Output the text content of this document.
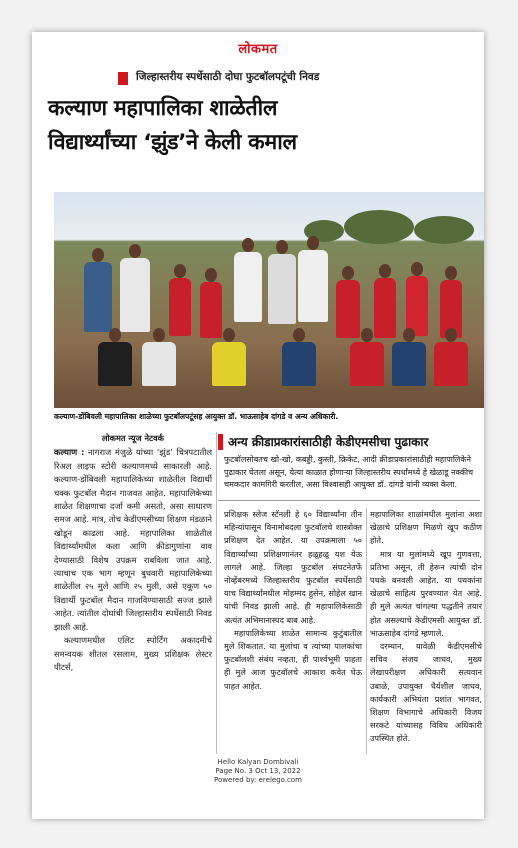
लोकमत
जिल्हास्तरीय स्पर्धेसाठी दोघा फुटबॉलपटूंची निवड
कल्याण महापालिका शाळेतील
विद्यार्थ्यांच्या ‘झुंड’ने केली कमाल
कल्याण-डोंबिवली महापालिका शाळेच्या फुटबॉलपटूंसह आयुक्त डॉ. भाऊसाहेब दांगडे व अन्य अधिकारी.
लोकमत न्यूज नेटवर्क

कल्याण : नागराज मंजुळे यांच्या ‘झुंड’ चित्रपटातील रिअल लाइफ स्टोरी कल्याणमध्ये साकारली आहे. कल्याण-डोंबिवली महापालिकेच्या शाळेतील विद्यार्थी चक्क फुटबॉल मैदान गाजवत आहेत. महापालिकेच्या शाळेत शिक्षणाचा दर्जा कमी असतो, असा साधारण समज आहे. मात्र, तोच केडीएमसीच्या शिक्षण मंडळाने खोडून काढला आहे. महापालिका शाळेतील विद्यार्थ्यांमधील कला आणि क्रीडागुणांना वाव देण्यासाठी विशेष उपक्रम राबविला जात आहे. त्याचाच एक भाग म्हणून बुधवारी महापालिकेच्या शाळेतील २५ मुले आणि २५ मुली, असे एकूण ५० विद्यार्थी फुटबॉल मैदान गाजविण्यासाठी सज्ज झाले आहेत. त्यांतील दोघांची जिल्हास्तरीय स्पर्धेसाठी निवड झाली आहे.

कल्याणमधील एलिट स्पोर्टिंग अकादमीचे समन्वयक शीतल रसलाम, मुख्य प्रशिक्षक लेस्टर पीटर्स,

अन्य क्रीडाप्रकारांसाठीही केडीएमसीचा पुढाकार
फुटबॉलसोबतच खो-खो, कबड्डी, कुस्ती, क्रिकेट, आदी क्रीडाप्रकारांसाठीही महापालिकेने पुढाकार घेतला असून, येत्या काळात होणाऱ्या जिल्हास्तरीय स्पर्धांमध्ये हे खेळाडू नक्कीच चमकदार कामगिरी करतील, असा विश्वासही आयुक्त डॉ. दांगडे यांनी व्यक्त केला.

प्रशिक्षक स्लेज स्टॅनली हे ६० विद्यार्थ्यांना तीन महिन्यांपासून विनामोबदला फुटबॉलचे शास्त्रोक्त प्रशिक्षण देत आहेत. या उपक्रमाला ५० विद्यार्थ्यांच्या प्रशिक्षणानंतर हळूहळू यश येऊ लागले आहे. जिल्हा फुटबॉल संघटनेतर्फे नोव्हेंबरमध्ये जिल्हास्तरीय फुटबॉल स्पर्धेसाठी याच विद्यार्थ्यांमधील मोहम्मद हुसेन, सोहेल खान यांची निवड झाली आहे. ही महापालिकेसाठी अत्यंत अभिमानास्पद बाब आहे.

महापालिकेच्या शाळेत सामान्य कुटुंबातील मुले शिकतात. या मुलांचा व त्यांच्या पालकांचा फुटबॉलशी संबंध नव्हता, ही पार्श्वभूमी पाहता ही मुले आज फुटबॉलचे आकाश कवेत घेऊ पाहत आहेत.

महापालिका शाळांमधील मुलांना अशा खेळाचे प्रशिक्षण मिळणे खूप कठीण होते.

मात्र या मुलांमध्ये खूप गुणवत्ता, प्रतिभा असून, ती हेरून त्यांची दोन पथके बनवली आहेत. या पथकांना खेळाचे साहित्य पुरवण्यात येत आहे. ही मुले अत्यंत चांगल्या पद्धतीने तयार होत असल्याचे केडीएमसी आयुक्त डॉ. भाऊसाहेब दांगडे म्हणाले.

दरम्यान, यावेळी केडीएमसीचे सचिव संजय जाधव, मुख्य लेखापरीक्षण अधिकारी सत्यवान उबाळे, उपायुक्त धैर्यशील जाधव, कार्यकारी अभियंता प्रशांत भागवत, शिक्षण विभागाचे अधिकारी विजय सरकटे यांच्यासह विविध अधिकारी उपस्थित होते.

Hello Kalyan Dombivali
Page No. 3 Oct 13, 2022
Powered by: erelego.com
